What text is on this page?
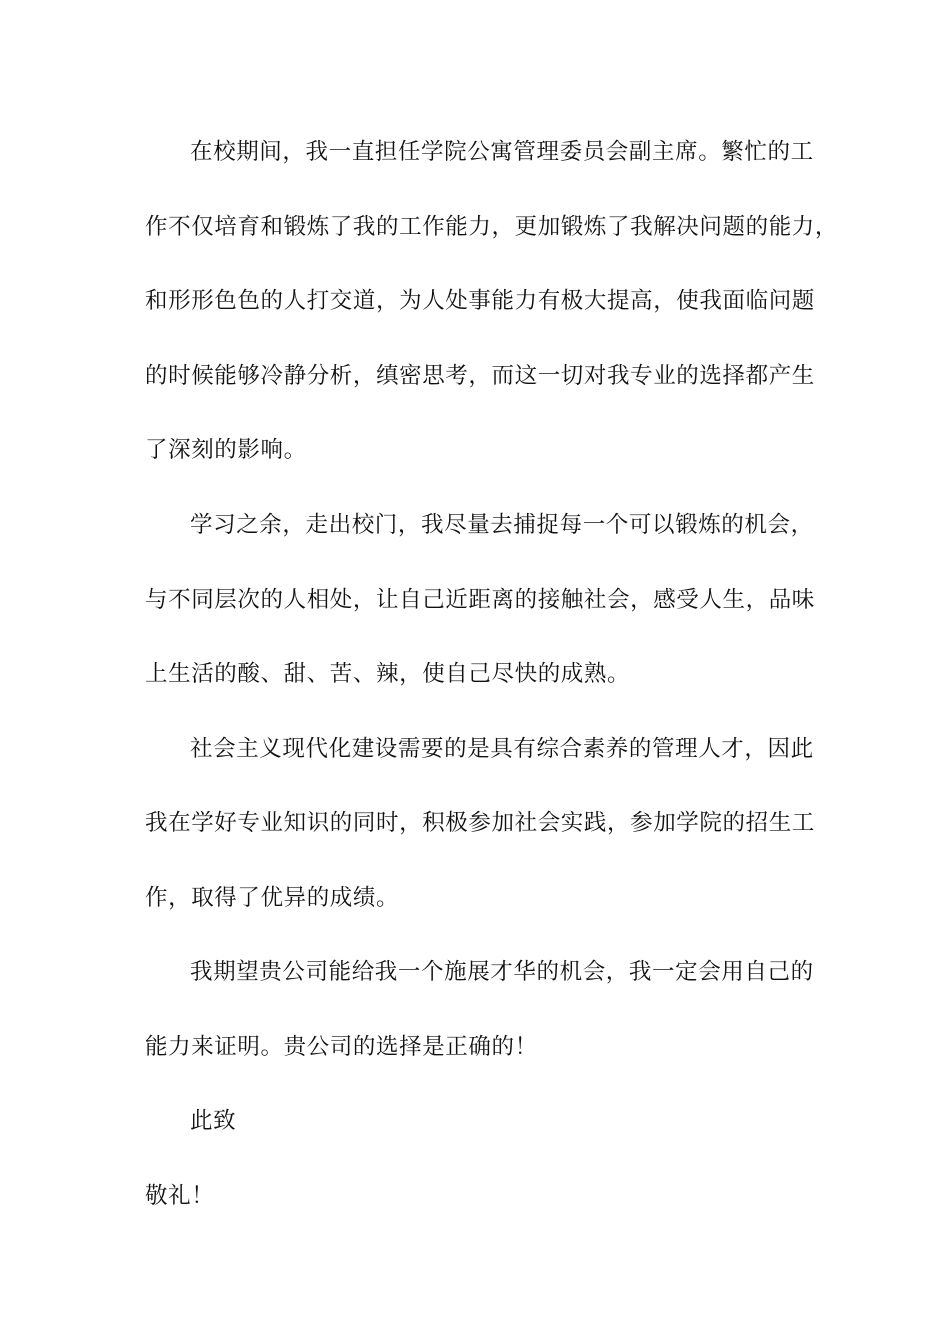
在校期间，我一直担任学院公寓管理委员会副主席。繁忙的工
作不仅培育和锻炼了我的工作能力，更加锻炼了我解决问题的能力，
和形形色色的人打交道，为人处事能力有极大提高，使我面临问题
的时候能够冷静分析，缜密思考，而这一切对我专业的选择都产生
了深刻的影响。
学习之余，走出校门，我尽量去捕捉每一个可以锻炼的机会，
与不同层次的人相处，让自己近距离的接触社会，感受人生，品味
上生活的酸、甜、苦、辣，使自己尽快的成熟。
社会主义现代化建设需要的是具有综合素养的管理人才，因此
我在学好专业知识的同时，积极参加社会实践，参加学院的招生工
作，取得了优异的成绩。
我期望贵公司能给我一个施展才华的机会，我一定会用自己的
能力来证明。贵公司的选择是正确的！
此致
敬礼！
